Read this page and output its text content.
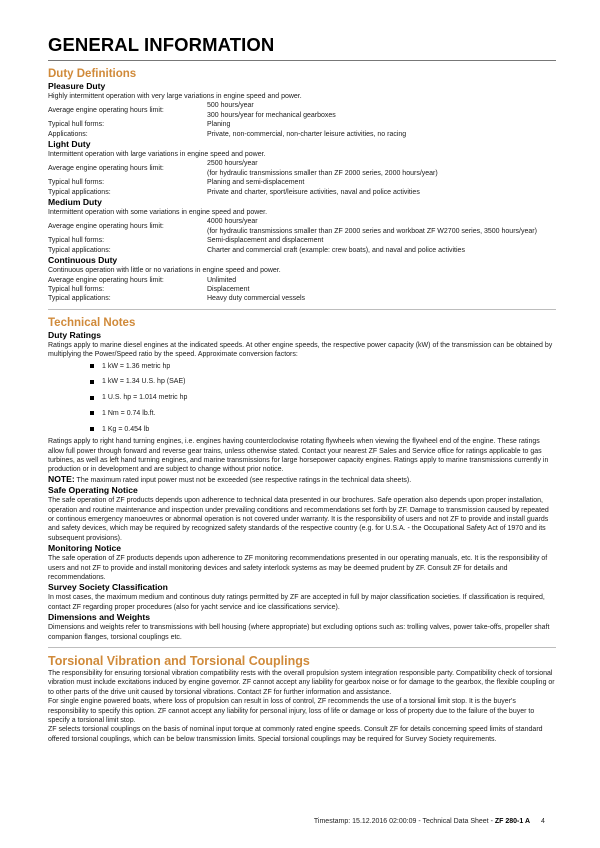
GENERAL INFORMATION
Duty Definitions
Pleasure Duty
Highly intermittent operation with very large variations in engine speed and power.
Average engine operating hours limit:
500 hours/year
300 hours/year for mechanical gearboxes
Typical hull forms:	Planing
Applications:	Private, non-commercial, non-charter leisure activities, no racing
Light Duty
Intermittent operation with large variations in engine speed and power.
Average engine operating hours limit:
2500 hours/year
(for hydraulic transmissions smaller than ZF 2000 series, 2000 hours/year)
Typical hull forms:	Planing and semi-displacement
Typical applications:	Private and charter, sport/leisure activities, naval and police activities
Medium Duty
Intermittent operation with some variations in engine speed and power.
Average engine operating hours limit:
4000 hours/year
(for hydraulic transmissions smaller than ZF 2000 series and workboat ZF W2700 series, 3500 hours/year)
Typical hull forms:	Semi-displacement and displacement
Typical applications:	Charter and commercial craft (example: crew boats), and naval and police activities
Continuous Duty
Continuous operation with little or no variations in engine speed and power.
Average engine operating hours limit:	Unlimited
Typical hull forms:	Displacement
Typical applications:	Heavy duty commercial vessels
Technical Notes
Duty Ratings
Ratings apply to marine diesel engines at the indicated speeds. At other engine speeds, the respective power capacity (kW) of the transmission can be obtained by multiplying the Power/Speed ratio by the speed. Approximate conversion factors:
1 kW = 1.36 metric hp
1 kW = 1.34 U.S. hp (SAE)
1 U.S. hp = 1.014 metric hp
1 Nm = 0.74 lb.ft.
1 Kg = 0.454 lb
Ratings apply to right hand turning engines, i.e. engines having counterclockwise rotating flywheels when viewing the flywheel end of the engine. These ratings allow full power through forward and reverse gear trains, unless otherwise stated. Contact your nearest ZF Sales and Service office for ratings applicable to gas turbines, as well as left hand turning engines, and marine transmissions for large horsepower capacity engines. Ratings apply to marine transmissions currently in production or in development and are subject to change without prior notice.
NOTE: The maximum rated input power must not be exceeded (see respective ratings in the technical data sheets).
Safe Operating Notice
The safe operation of ZF products depends upon adherence to technical data presented in our brochures. Safe operation also depends upon proper installation, operation and routine maintenance and inspection under prevailing conditions and recommendations set forth by ZF. Damage to transmission caused by repeated or continous emergency manoeuvres or abnormal operation is not covered under warranty. It is the responsibility of users and not ZF to provide and install guards and safety devices, which may be required by recognized safety standards of the respective country (e.g. for U.S.A. - the Occupational Safety Act of 1970 and its subsequent provisions).
Monitoring Notice
The safe operation of ZF products depends upon adherence to ZF monitoring recommendations presented in our operating manuals, etc. It is the responsibility of users and not ZF to provide and install monitoring devices and safety interlock systems as may be deemed prudent by ZF. Consult ZF for details and recommendations.
Survey Society Classification
In most cases, the maximum medium and continous duty ratings permitted by ZF are accepted in full by major classification societies. If classification is required, contact ZF regarding proper procedures (also for yacht service and ice classifications service).
Dimensions and Weights
Dimensions and weights refer to transmissions with bell housing (where appropriate) but excluding options such as: trolling valves, power take-offs, propeller shaft companion flanges, torsional couplings etc.
Torsional Vibration and Torsional Couplings
The responsibility for ensuring torsional vibration compatibility rests with the overall propulsion system integration responsible party. Compatibility check of torsional vibration must include excitations induced by engine governor. ZF cannot accept any liability for gearbox noise or for damage to the gearbox, the flexible coupling or to other parts of the drive unit caused by torsional vibrations. Contact ZF for further information and assistance.
For single engine powered boats, where loss of propulsion can result in loss of control, ZF recommends the use of a torsional limit stop. It is the buyer's responsibility to specify this option. ZF cannot accept any liability for personal injury, loss of life or damage or loss of property due to the failure of the buyer to specify a torsional limit stop.
ZF selects torsional couplings on the basis of nominal input torque at commonly rated engine speeds. Consult ZF for details concerning speed limits of standard offered torsional couplings, which can be below transmission limits. Special torsional couplings may be required for Survey Society requirements.
Timestamp: 15.12.2016 02:00:09 - Technical Data Sheet - ZF 280-1 A 4
